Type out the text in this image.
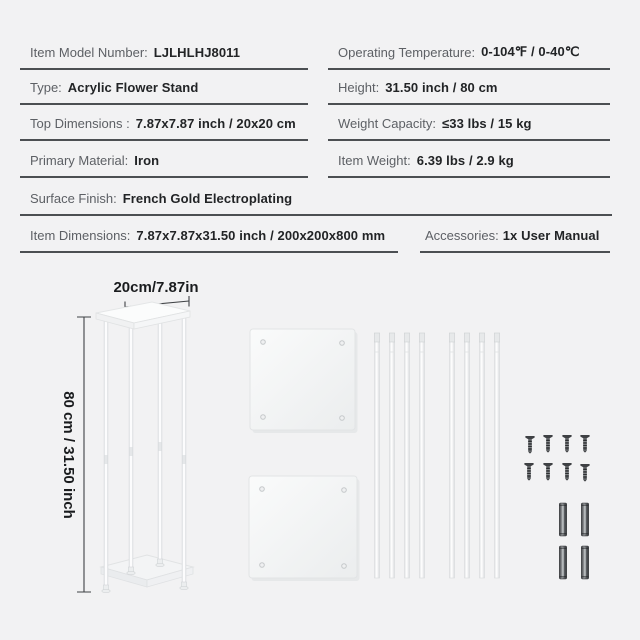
Item Model Number: LJLHLHJ8011	Operating Temperature: 0-104℉ / 0-40℃
Type: Acrylic Flower Stand	Height: 31.50 inch / 80 cm
Top Dimensions : 7.87x7.87 inch / 20x20 cm	Weight Capacity: ≤33 lbs / 15 kg
Primary Material: Iron	Item Weight: 6.39 lbs / 2.9 kg
Surface Finish: French Gold Electroplating
Item Dimensions: 7.87x7.87x31.50 inch / 200x200x800 mm	Accessories: 1x User Manual
20cm/7.87in
80 cm / 31.50 inch
